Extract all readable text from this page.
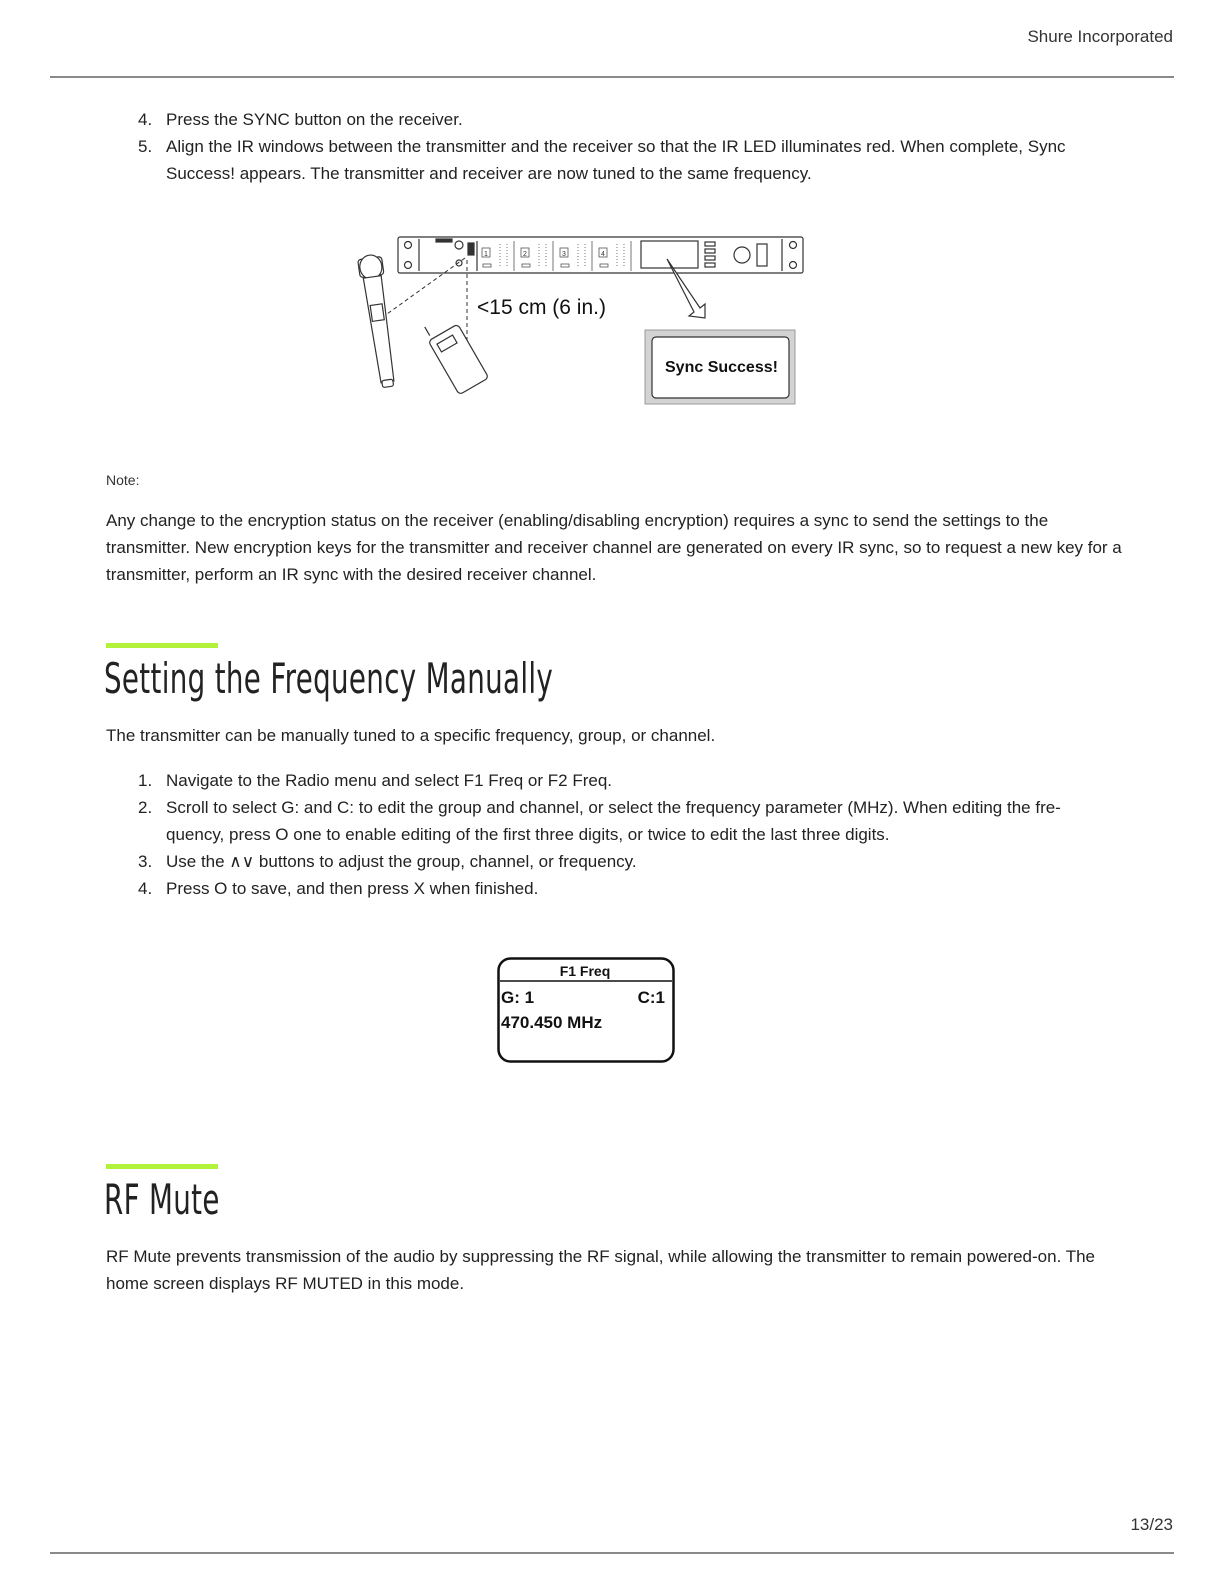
Shure Incorporated
4. Press the SYNC button on the receiver.
5. Align the IR windows between the transmitter and the receiver so that the IR LED illuminates red. When complete, Sync Success! appears. The transmitter and receiver are now tuned to the same frequency.
1	2	3	4
Sync Success!
<15 cm (6 in.)
Note:

Any change to the encryption status on the receiver (enabling/disabling encryption) requires a sync to send the settings to the transmitter. New encryption keys for the transmitter and receiver channel are generated on every IR sync, so to request a new key for a transmitter, perform an IR sync with the desired receiver channel.

Setting the Frequency Manually

The transmitter can be manually tuned to a specific frequency, group, or channel.

1. Navigate to the Radio menu and select F1 Freq or F2 Freq.
2. Scroll to select G: and C: to edit the group and channel, or select the frequency parameter (MHz). When editing the fre-quency, press O one to enable editing of the first three digits, or twice to edit the last three digits.
3. Use the ∧∨ buttons to adjust the group, channel, or frequency.
4. Press O to save, and then press X when finished.
F1 Freq
G: 1	C:1
470.450 MHz
RF Mute

RF Mute prevents transmission of the audio by suppressing the RF signal, while allowing the transmitter to remain powered-on. The home screen displays RF MUTED in this mode.

13/23
